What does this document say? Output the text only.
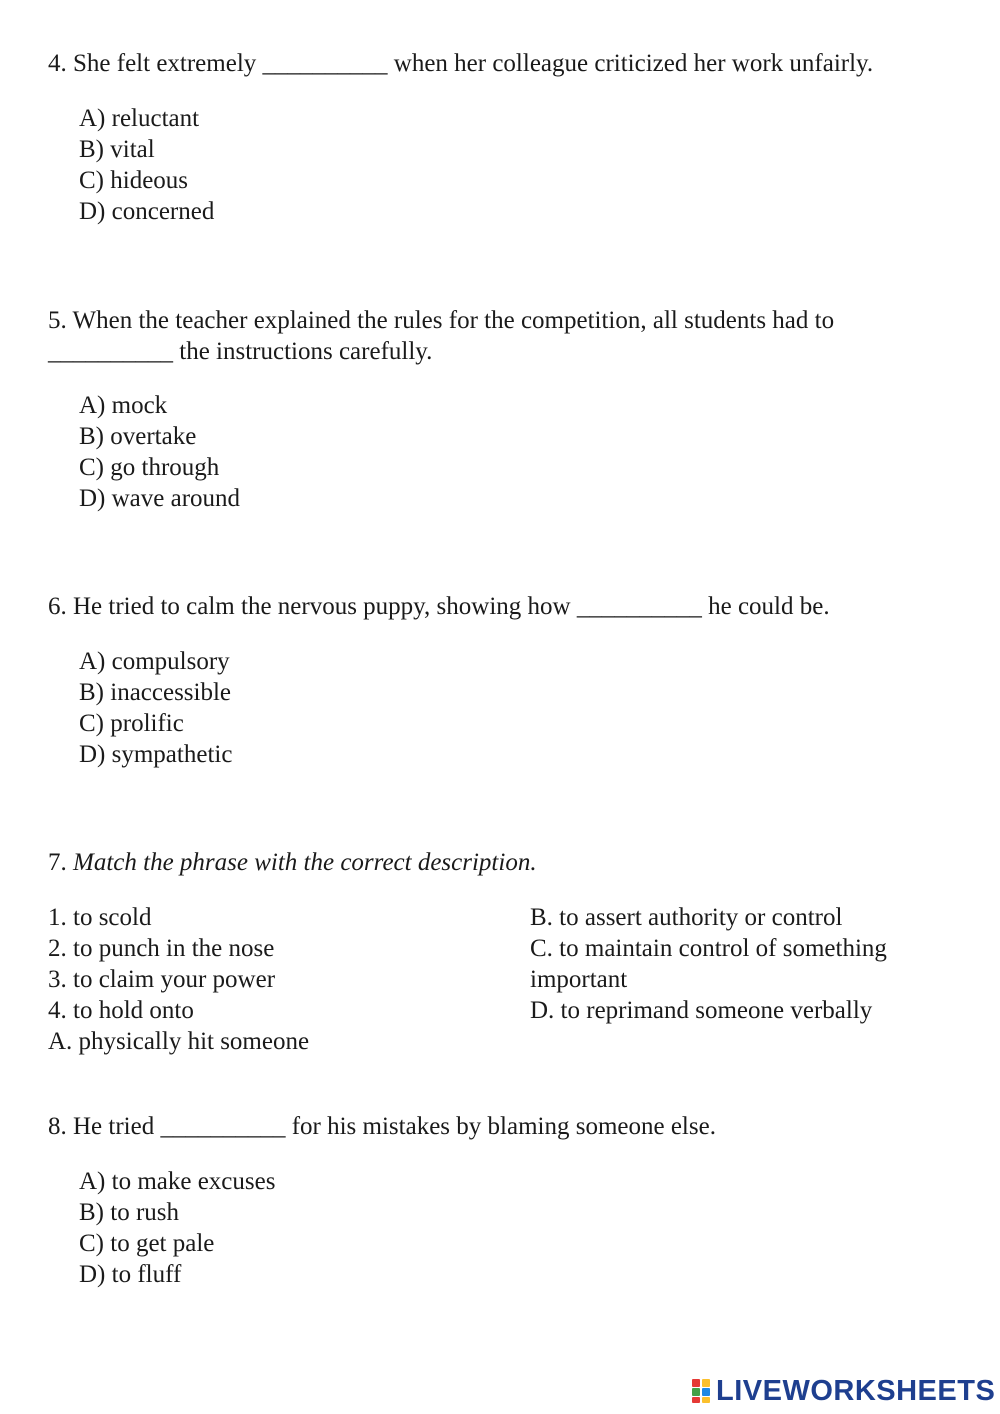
4. She felt extremely __________ when her colleague criticized her work unfairly.
A) reluctant
B) vital
C) hideous
D) concerned
5. When the teacher explained the rules for the competition, all students had to
__________ the instructions carefully.
A) mock
B) overtake
C) go through
D) wave around
6. He tried to calm the nervous puppy, showing how __________ he could be.
A) compulsory
B) inaccessible
C) prolific
D) sympathetic
7. Match the phrase with the correct description.
1. to scold
2. to punch in the nose
3. to claim your power
4. to hold onto
A. physically hit someone
B. to assert authority or control
C. to maintain control of something
important
D. to reprimand someone verbally
8. He tried __________ for his mistakes by blaming someone else.
A) to make excuses
B) to rush
C) to get pale
D) to fluff
LIVEWORKSHEETS
